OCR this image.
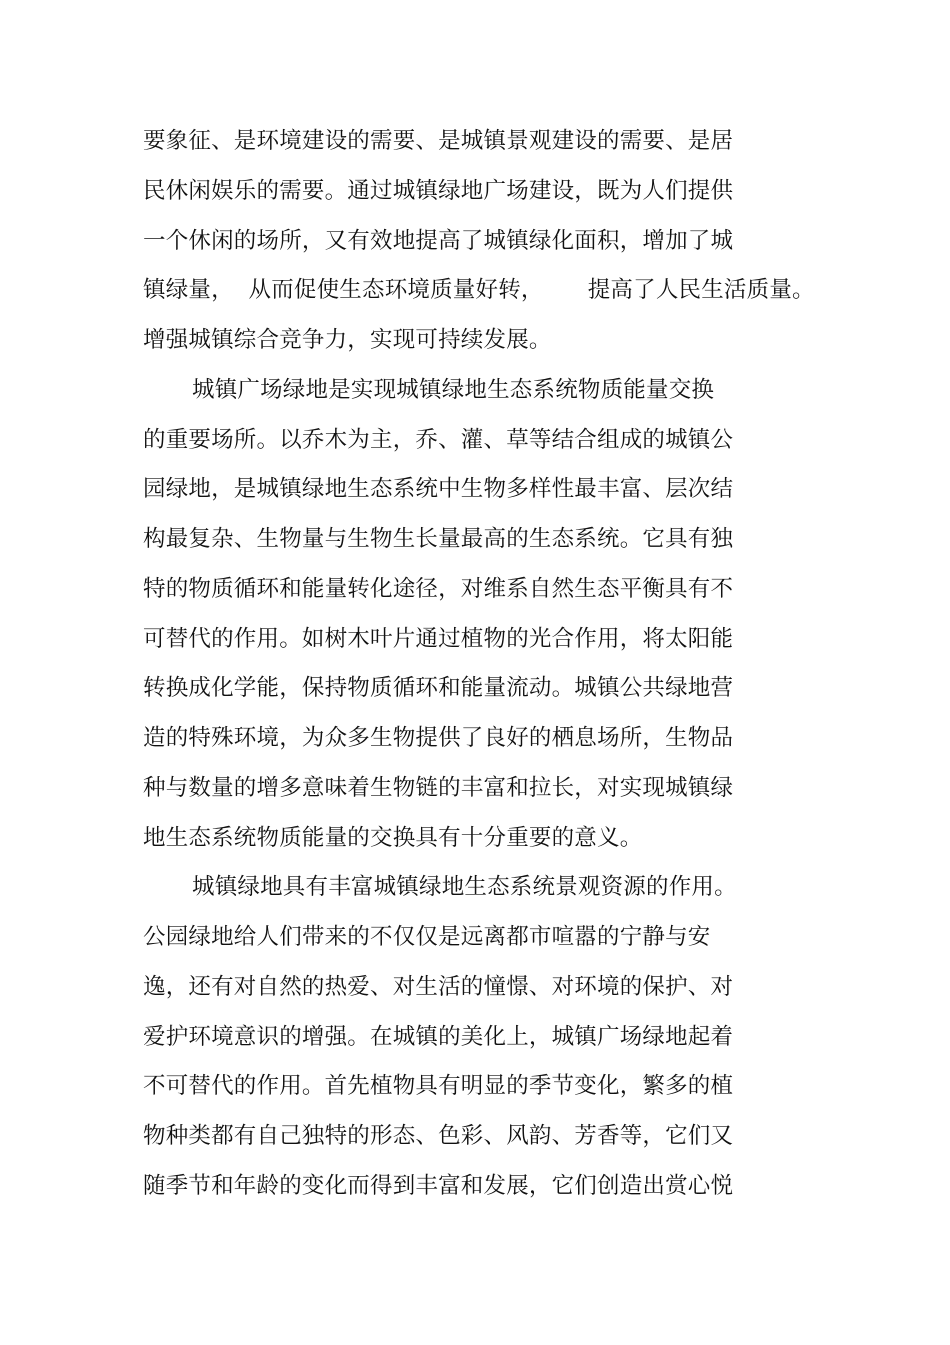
要象征、是环境建设的需要、是城镇景观建设的需要、是居
民休闲娱乐的需要。通过城镇绿地广场建设，既为人们提供
一个休闲的场所，又有效地提高了城镇绿化面积，增加了城
镇绿量，  从而促使生态环境质量好转，      提高了人民生活质量。
增强城镇综合竞争力，实现可持续发展。
城镇广场绿地是实现城镇绿地生态系统物质能量交换
的重要场所。以乔木为主，乔、灌、草等结合组成的城镇公
园绿地，是城镇绿地生态系统中生物多样性最丰富、层次结
构最复杂、生物量与生物生长量最高的生态系统。它具有独
特的物质循环和能量转化途径，对维系自然生态平衡具有不
可替代的作用。如树木叶片通过植物的光合作用，将太阳能
转换成化学能，保持物质循环和能量流动。城镇公共绿地营
造的特殊环境，为众多生物提供了良好的栖息场所，生物品
种与数量的增多意味着生物链的丰富和拉长，对实现城镇绿
地生态系统物质能量的交换具有十分重要的意义。
城镇绿地具有丰富城镇绿地生态系统景观资源的作用。
公园绿地给人们带来的不仅仅是远离都市喧嚣的宁静与安
逸，还有对自然的热爱、对生活的憧憬、对环境的保护、对
爱护环境意识的增强。在城镇的美化上，城镇广场绿地起着
不可替代的作用。首先植物具有明显的季节变化，繁多的植
物种类都有自己独特的形态、色彩、风韵、芳香等，它们又
随季节和年龄的变化而得到丰富和发展，它们创造出赏心悦
